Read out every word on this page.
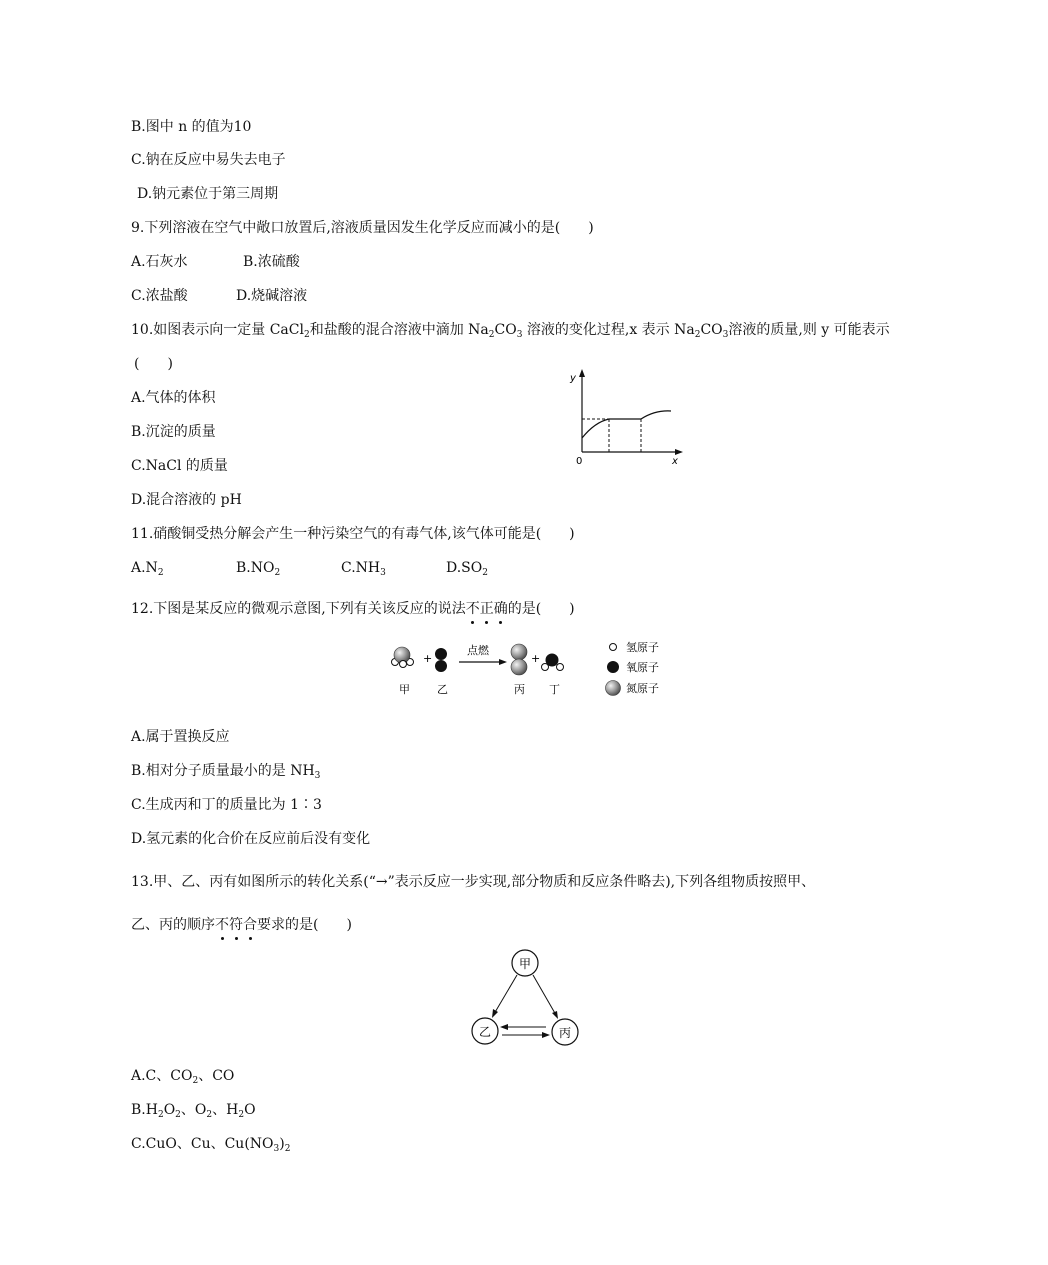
B.图中 n 的值为10
C.钠在反应中易失去电子
D.钠元素位于第三周期
9.下列溶液在空气中敞口放置后,溶液质量因发生化学反应而减小的是(　　)
A.石灰水	B.浓硫酸
C.浓盐酸	D.烧碱溶液
10.如图表示向一定量 CaCl$_2$和盐酸的混合溶液中滴加 $Na_2CO_3$ 溶液的变化过程,x 表示 $Na_2CO_3$溶液的质量,则 y 可能表示
(　　)
A.气体的体积
B.沉淀的质量
C.NaCl 的质量
D.混合溶液的 pH
y
x
0
11.硝酸铜受热分解会产生一种污染空气的有毒气体,该气体可能是(　　)
$A.N_2$	$B.NO_2$	$C.NH_3$	$D.SO_2$
12.下图是某反应的微观示意图,下列有关该反应的说法不正确的是(　　)
+
点燃
+
甲 乙	丙 丁
氢原子
氧原子
氮原子
A.属于置换反应
B.相对分子质量最小的是 $NH_3$
C.生成丙和丁的质量比为 1∶3
D.氢元素的化合价在反应前后没有变化
13.甲、乙、丙有如图所示的转化关系(“→”表示反应一步实现,部分物质和反应条件略去),下列各组物质按照甲、
乙、丙的顺序不符合要求的是(　　)
甲
乙	丙
A.C、$CO_2$、CO
$B.H_2O_2$、$O_2$、$H_2O$
C.CuO、Cu、$Cu(NO_3)_2$
